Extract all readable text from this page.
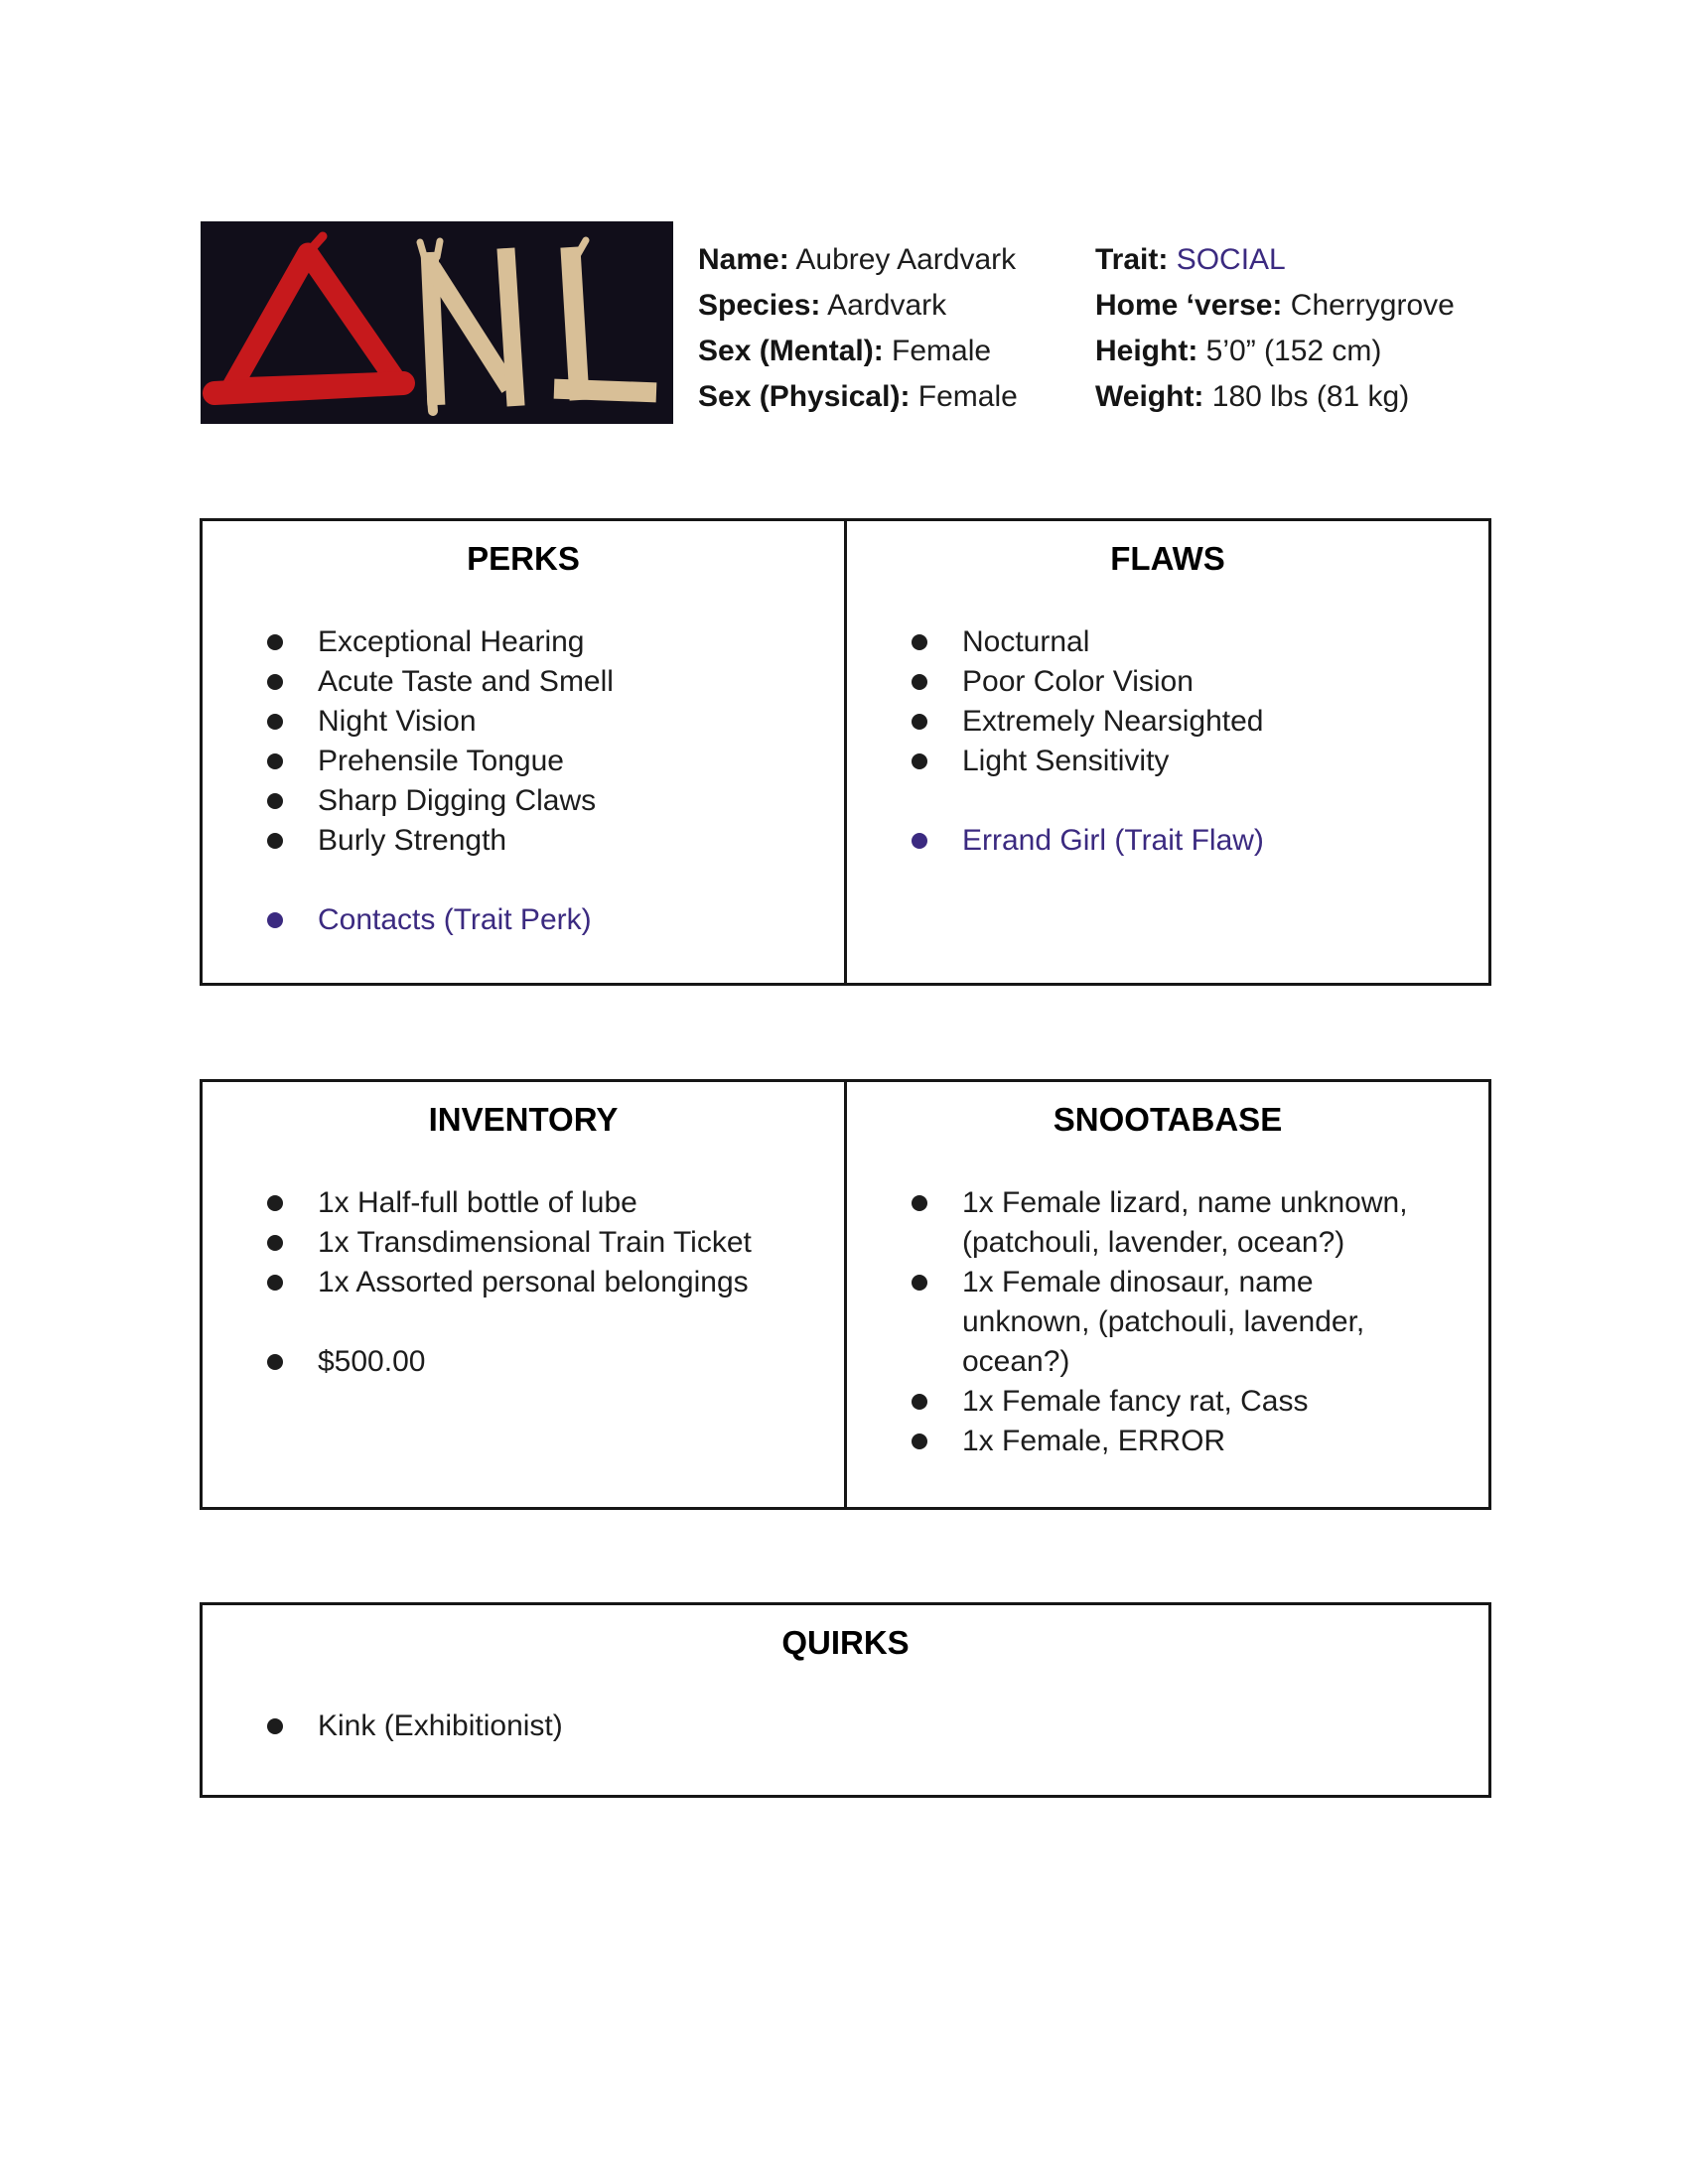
Name: Aubrey Aardvark
Species: Aardvark
Sex (Mental): Female
Sex (Physical): Female
Trait: SOCIAL
Home ‘verse: Cherrygrove
Height: 5’0” (152 cm)
Weight: 180 lbs (81 kg)
PERKS
Exceptional Hearing
Acute Taste and Smell
Night Vision
Prehensile Tongue
Sharp Digging Claws
Burly Strength
Contacts (Trait Perk)
FLAWS
Nocturnal
Poor Color Vision
Extremely Nearsighted
Light Sensitivity
Errand Girl (Trait Flaw)
INVENTORY
1x Half-full bottle of lube
1x Transdimensional Train Ticket
1x Assorted personal belongings
$500.00
SNOOTABASE
1x Female lizard, name unknown, (patchouli, lavender, ocean?)
1x Female dinosaur, name unknown, (patchouli, lavender, ocean?)
1x Female fancy rat, Cass
1x Female, ERROR
QUIRKS
Kink (Exhibitionist)
